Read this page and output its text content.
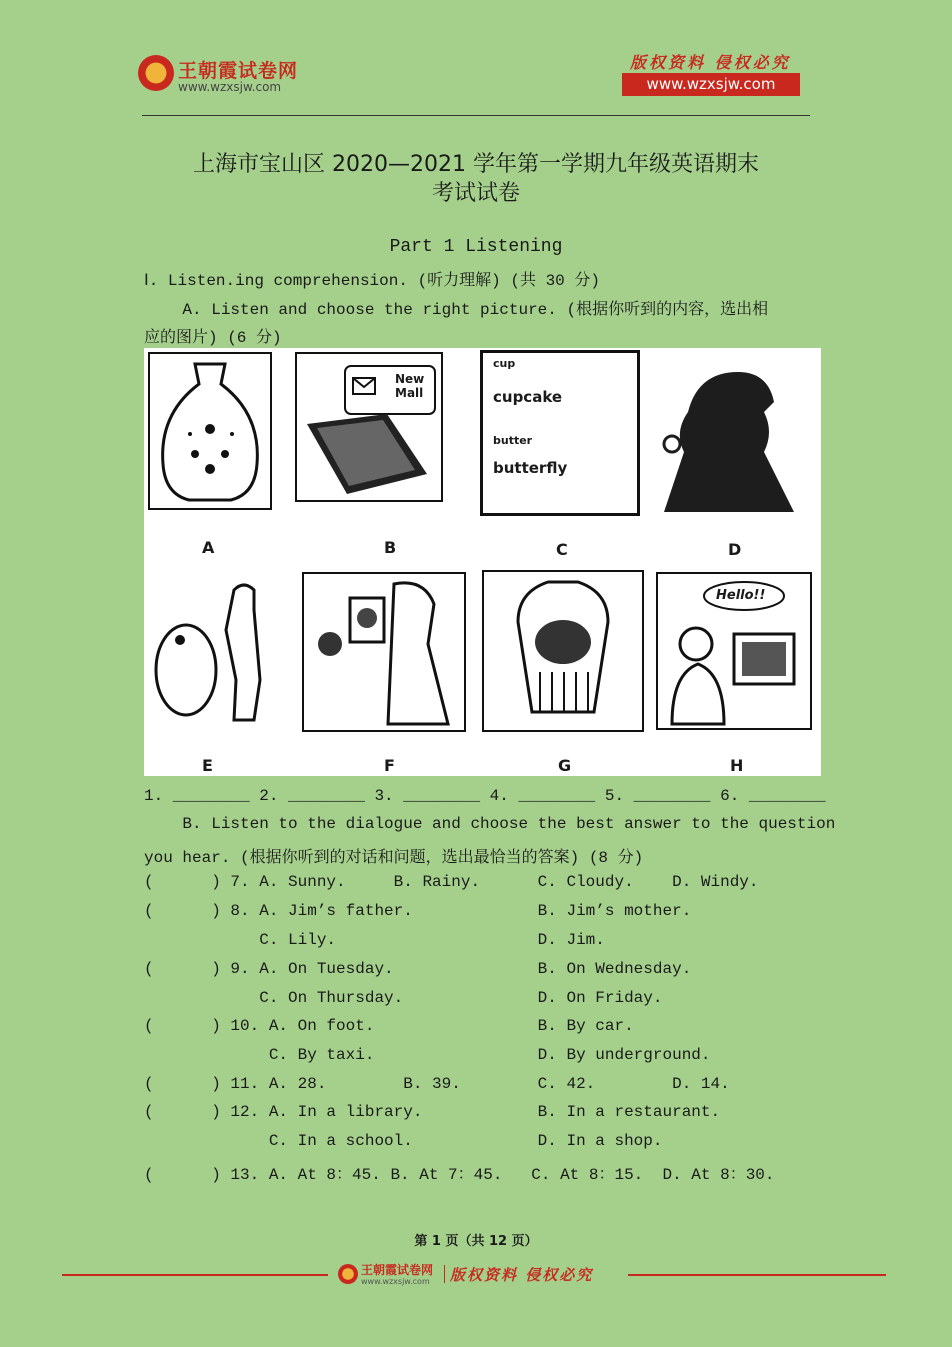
王朝霞试卷网
www.wzxsjw.com
版权资料 侵权必究
www.wzxsjw.com
上海市宝山区 2020—2021 学年第一学期九年级英语期末
考试试卷
Part 1 Listening
Ⅰ. Listen.ing comprehension. (听力理解) (共 30 分)
A. Listen and choose the right picture. (根据你听到的内容，选出相
应的图片) (6 分)
A
New Mall
B
cup
cupcake
butter
butterfly
C	D
E	F	G
Hello!!
H
1. ________ 2. ________ 3. ________ 4. ________ 5. ________ 6. ________
B. Listen to the dialogue and choose the best answer to the question
you hear. (根据你听到的对话和问题，选出最恰当的答案) (8 分)
(      ) 7. A. Sunny.     B. Rainy.      C. Cloudy.    D. Windy.
(      ) 8. A. Jim’s father.             B. Jim’s mother.
C. Lily.                     D. Jim.
(      ) 9. A. On Tuesday.               B. On Wednesday.
C. On Thursday.              D. On Friday.
(      ) 10. A. On foot.                 B. By car.
C. By taxi.                 D. By underground.
(      ) 11. A. 28.        B. 39.        C. 42.        D. 14.
(      ) 12. A. In a library.            B. In a restaurant.
C. In a school.             D. In a shop.
(      ) 13. A. At 8：45. B. At 7：45.   C. At 8：15.  D. At 8：30.
第 1 页（共 12 页）
王朝霞试卷网
www.wzxsjw.com 版权资料 侵权必究
